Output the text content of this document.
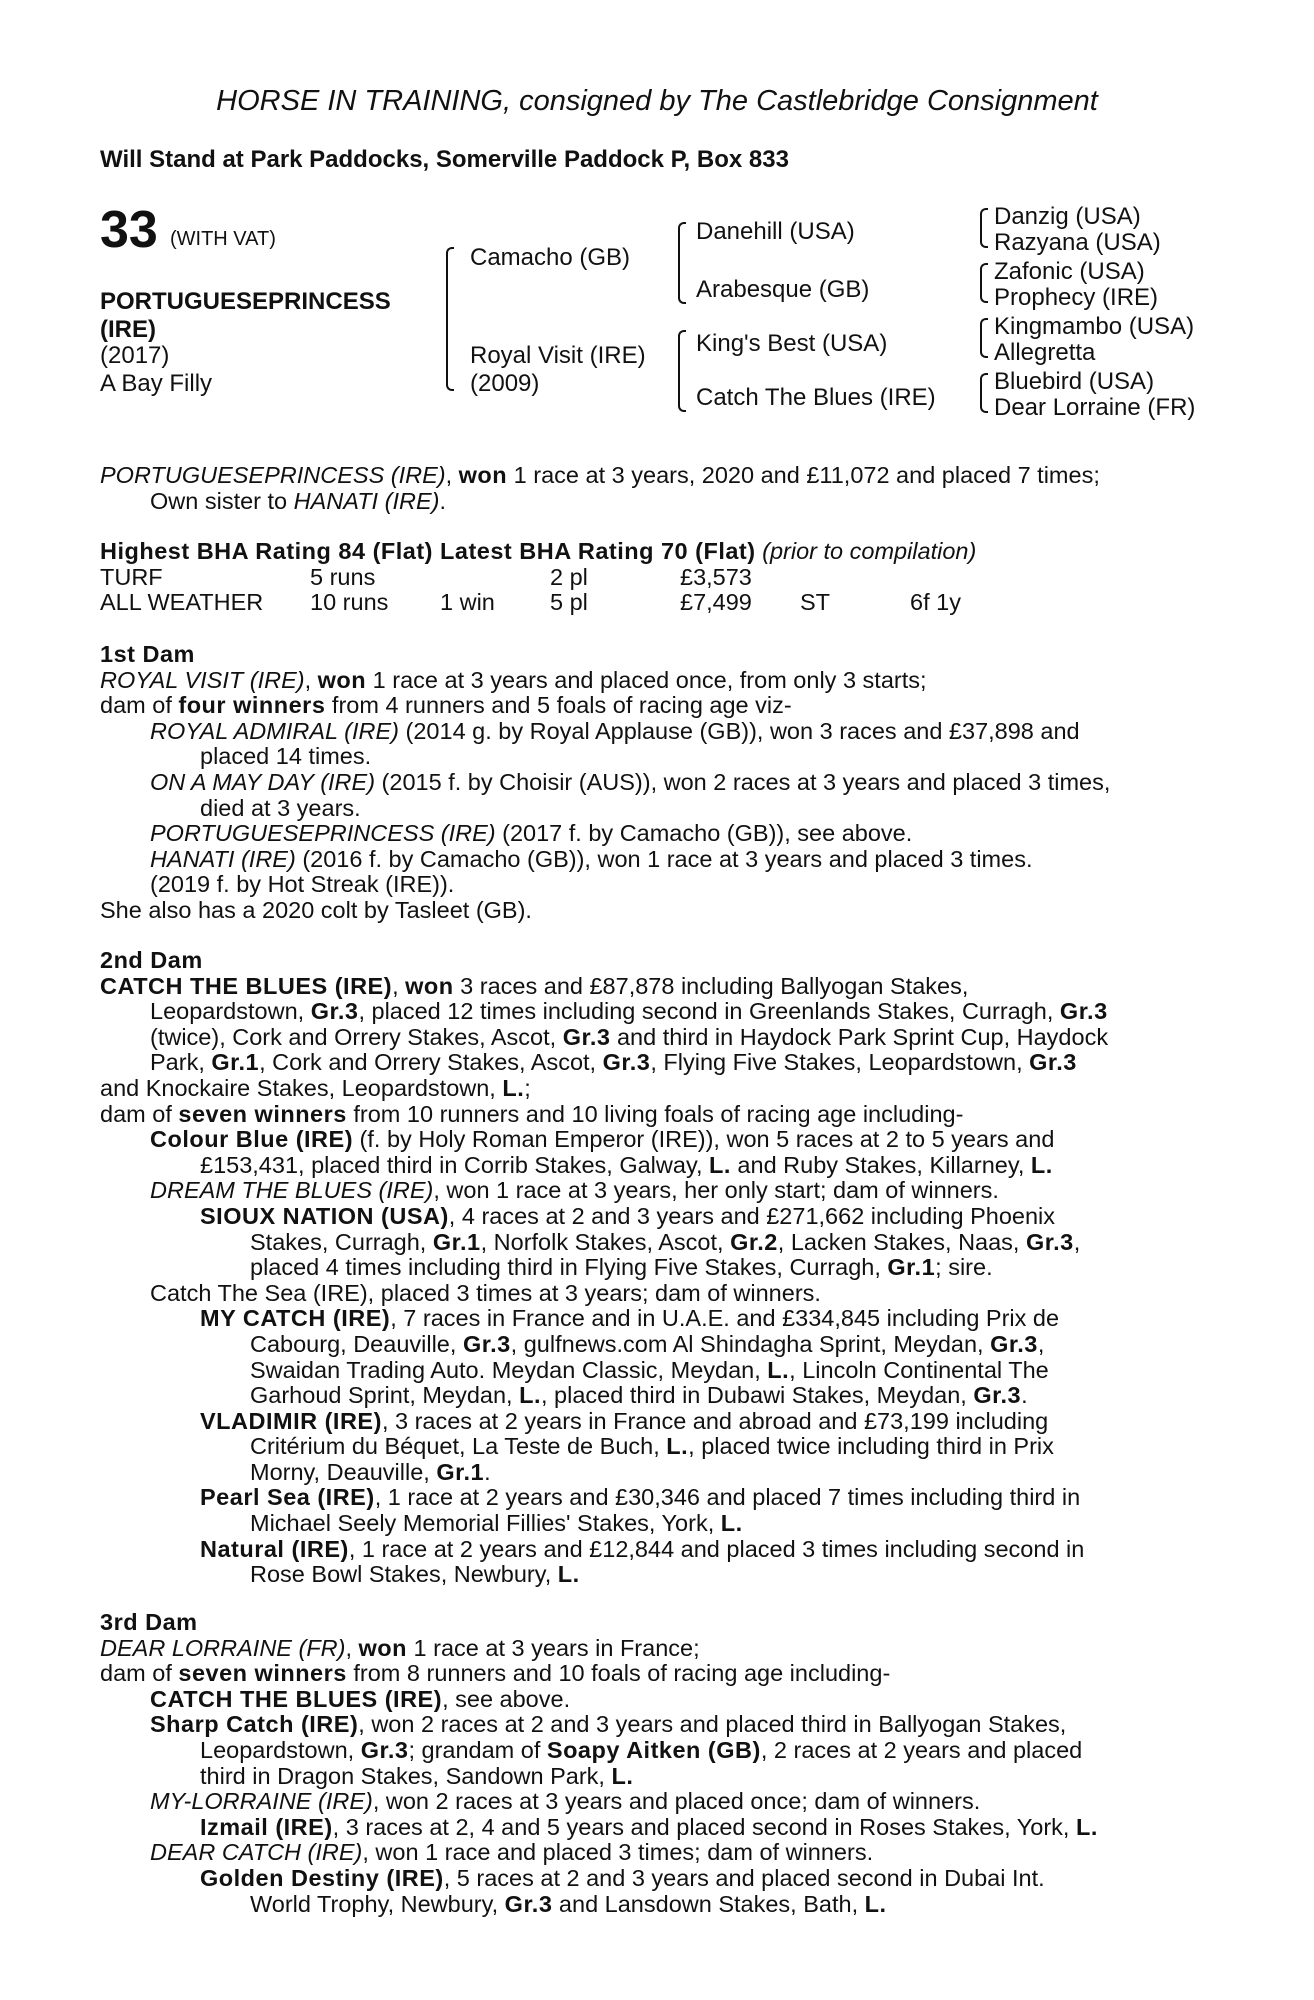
HORSE IN TRAINING, consigned by The Castlebridge Consignment
Will Stand at Park Paddocks, Somerville Paddock P, Box 833
33 (WITH VAT)
PORTUGUESEPRINCESS
(IRE)
(2017)
A Bay Filly
Camacho (GB)
Royal Visit (IRE)
(2009)
Danehill (USA)
Arabesque (GB)
King's Best (USA)
Catch The Blues (IRE)
Danzig (USA)
Razyana (USA)
Zafonic (USA)
Prophecy (IRE)
Kingmambo (USA)
Allegretta
Bluebird (USA)
Dear Lorraine (FR)
PORTUGUESEPRINCESS (IRE), won 1 race at 3 years, 2020 and £11,072 and placed 7 times;
Own sister to HANATI (IRE).
Highest BHA Rating 84 (Flat) Latest BHA Rating 70 (Flat) (prior to compilation)
TURF	5 runs		2 pl	£3,573		
ALL WEATHER	10 runs	1 win	5 pl	£7,499	ST	6f 1y
1st Dam
ROYAL VISIT (IRE), won 1 race at 3 years and placed once, from only 3 starts;
dam of four winners from 4 runners and 5 foals of racing age viz-
ROYAL ADMIRAL (IRE) (2014 g. by Royal Applause (GB)), won 3 races and £37,898 and
placed 14 times.
ON A MAY DAY (IRE) (2015 f. by Choisir (AUS)), won 2 races at 3 years and placed 3 times,
died at 3 years.
PORTUGUESEPRINCESS (IRE) (2017 f. by Camacho (GB)), see above.
HANATI (IRE) (2016 f. by Camacho (GB)), won 1 race at 3 years and placed 3 times.
(2019 f. by Hot Streak (IRE)).
She also has a 2020 colt by Tasleet (GB).
2nd Dam
CATCH THE BLUES (IRE), won 3 races and £87,878 including Ballyogan Stakes,
Leopardstown, Gr.3, placed 12 times including second in Greenlands Stakes, Curragh, Gr.3
(twice), Cork and Orrery Stakes, Ascot, Gr.3 and third in Haydock Park Sprint Cup, Haydock
Park, Gr.1, Cork and Orrery Stakes, Ascot, Gr.3, Flying Five Stakes, Leopardstown, Gr.3
and Knockaire Stakes, Leopardstown, L.;
dam of seven winners from 10 runners and 10 living foals of racing age including-
Colour Blue (IRE) (f. by Holy Roman Emperor (IRE)), won 5 races at 2 to 5 years and
£153,431, placed third in Corrib Stakes, Galway, L. and Ruby Stakes, Killarney, L.
DREAM THE BLUES (IRE), won 1 race at 3 years, her only start; dam of winners.
SIOUX NATION (USA), 4 races at 2 and 3 years and £271,662 including Phoenix
Stakes, Curragh, Gr.1, Norfolk Stakes, Ascot, Gr.2, Lacken Stakes, Naas, Gr.3,
placed 4 times including third in Flying Five Stakes, Curragh, Gr.1; sire.
Catch The Sea (IRE), placed 3 times at 3 years; dam of winners.
MY CATCH (IRE), 7 races in France and in U.A.E. and £334,845 including Prix de
Cabourg, Deauville, Gr.3, gulfnews.com Al Shindagha Sprint, Meydan, Gr.3,
Swaidan Trading Auto. Meydan Classic, Meydan, L., Lincoln Continental The
Garhoud Sprint, Meydan, L., placed third in Dubawi Stakes, Meydan, Gr.3.
VLADIMIR (IRE), 3 races at 2 years in France and abroad and £73,199 including
Critérium du Béquet, La Teste de Buch, L., placed twice including third in Prix
Morny, Deauville, Gr.1.
Pearl Sea (IRE), 1 race at 2 years and £30,346 and placed 7 times including third in
Michael Seely Memorial Fillies' Stakes, York, L.
Natural (IRE), 1 race at 2 years and £12,844 and placed 3 times including second in
Rose Bowl Stakes, Newbury, L.
3rd Dam
DEAR LORRAINE (FR), won 1 race at 3 years in France;
dam of seven winners from 8 runners and 10 foals of racing age including-
CATCH THE BLUES (IRE), see above.
Sharp Catch (IRE), won 2 races at 2 and 3 years and placed third in Ballyogan Stakes,
Leopardstown, Gr.3; grandam of Soapy Aitken (GB), 2 races at 2 years and placed
third in Dragon Stakes, Sandown Park, L.
MY-LORRAINE (IRE), won 2 races at 3 years and placed once; dam of winners.
Izmail (IRE), 3 races at 2, 4 and 5 years and placed second in Roses Stakes, York, L.
DEAR CATCH (IRE), won 1 race and placed 3 times; dam of winners.
Golden Destiny (IRE), 5 races at 2 and 3 years and placed second in Dubai Int.
World Trophy, Newbury, Gr.3 and Lansdown Stakes, Bath, L.
